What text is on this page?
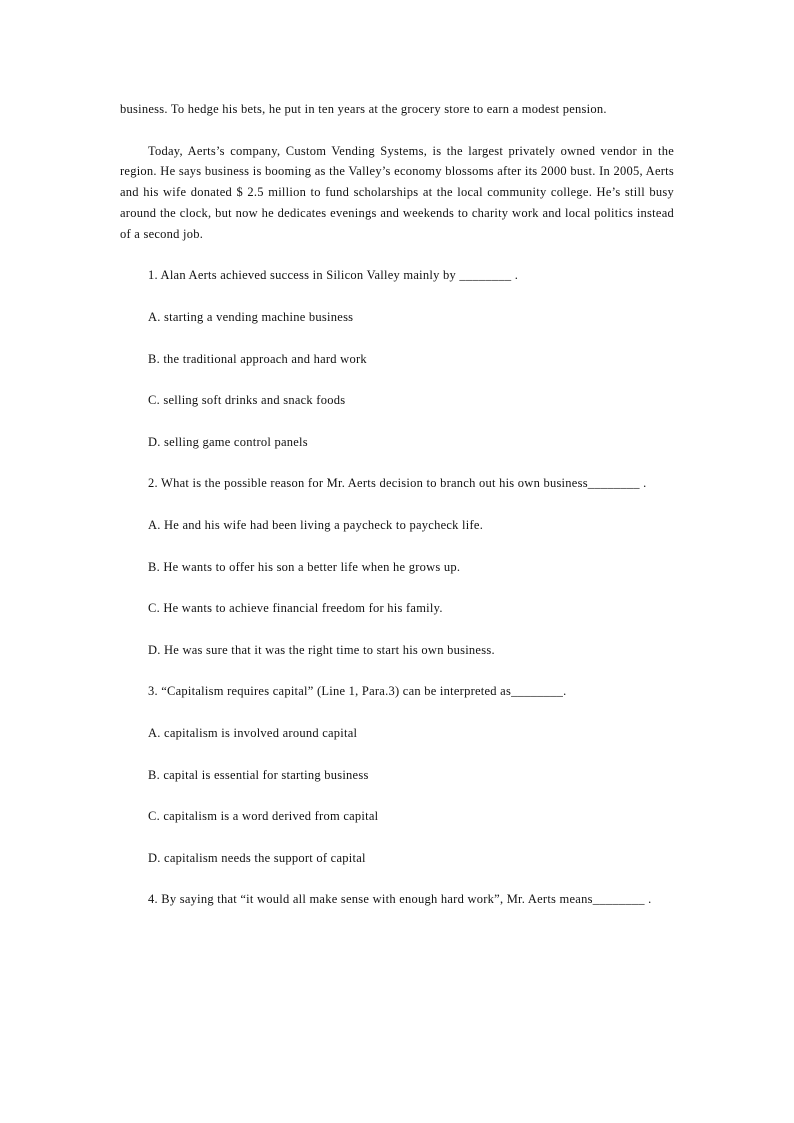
business. To hedge his bets, he put in ten years at the grocery store to earn a modest pension.

Today, Aerts’s company, Custom Vending Systems, is the largest privately owned vendor in the region. He says business is booming as the Valley’s economy blossoms after its 2000 bust. In 2005, Aerts and his wife donated $ 2.5 million to fund scholarships at the local community college. He’s still busy around the clock, but now he dedicates evenings and weekends to charity work and local politics instead of a second job.

1. Alan Aerts achieved success in Silicon Valley mainly by ________ .

A. starting a vending machine business

B. the traditional approach and hard work

C. selling soft drinks and snack foods

D. selling game control panels

2. What is the possible reason for Mr. Aerts decision to branch out his own business________ .

A. He and his wife had been living a paycheck to paycheck life.

B. He wants to offer his son a better life when he grows up.

C. He wants to achieve financial freedom for his family.

D. He was sure that it was the right time to start his own business.

3. “Capitalism requires capital” (Line 1, Para.3) can be interpreted as________.

A. capitalism is involved around capital

B. capital is essential for starting business

C. capitalism is a word derived from capital

D. capitalism needs the support of capital

4. By saying that “it would all make sense with enough hard work”, Mr. Aerts means________ .
